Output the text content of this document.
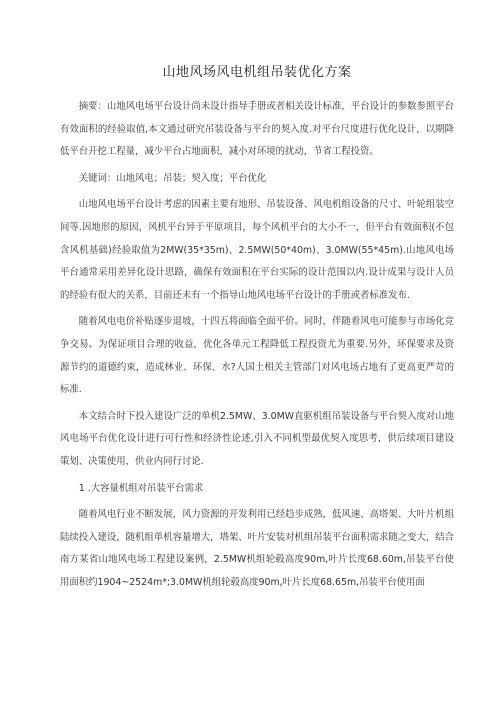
山地风场风电机组吊装优化方案

摘要：山地风电场平台设计尚未设计指导手册或者相关设计标准，平台设计的参数参照平台有效面积的经验取值,本文通过研究吊装设备与平台的契入度.对平台尺度进行优化设计，以期降低平台开挖工程量，减少平台占地面积，减小对环境的扰动，节省工程投资。

关键词：山地风电；吊装；契入度；平台优化

山地风电场平台设计考虑的因素主要有地形、吊装设备、风电机组设备的尺寸、叶轮组装空间等.因地形的原因，风机平台异于平原项目，每个风机平台的大小不一，但平台有效面积(不包含风机基础)经验取值为2MW(35*35m)、2.5MW(50*40m)、3.0MW(55*45m).山地风电场平台通常采用差异化设计思路，确保有效面积在平台实际的设计范围以内.设计成果与设计人员的经验有很大的关系，目前还未有一个指导山地风电场平台设计的手册或者标准发布.

随着风电电价补贴逐步退坡，十四五将面临全面平价。同时，伴随着风电可能参与市场化竞争交易。为保证项目合理的收益，优化各单元工程降低工程投资尤为重要.另外，环保要求及资源节约的道德约束，造成林业、环保、水?人国土相关主管部门对风电场占地有了更高更严苛的标准.

本文结合时下投入建设广泛的单机2.5MW、3.0MW直驱机组吊装设备与平台契入度对山地风电场平台优化设计进行可行性和经济性论述,引入不同机型最优契入度思考，供后续项目建设策划、决策使用，供业内同行讨论.

1 .大容量机组对吊装平台需求

随着风电行业不断发展，风力资源的开发利用已经趋步成熟，低风速、高塔架、大叶片机组陆续投入建设，随机组单机容量增大，塔架、叶片安装对机组吊装平台面积需求随之变大，结合南方某省山地风电场工程建设案例，2.5MW机组轮毂高度90m,叶片长度68.60m,吊装平台使用面积约1904~2524m*;3.0MW机组轮毂高度90m,叶片长度68.65m,吊装平台使用面
